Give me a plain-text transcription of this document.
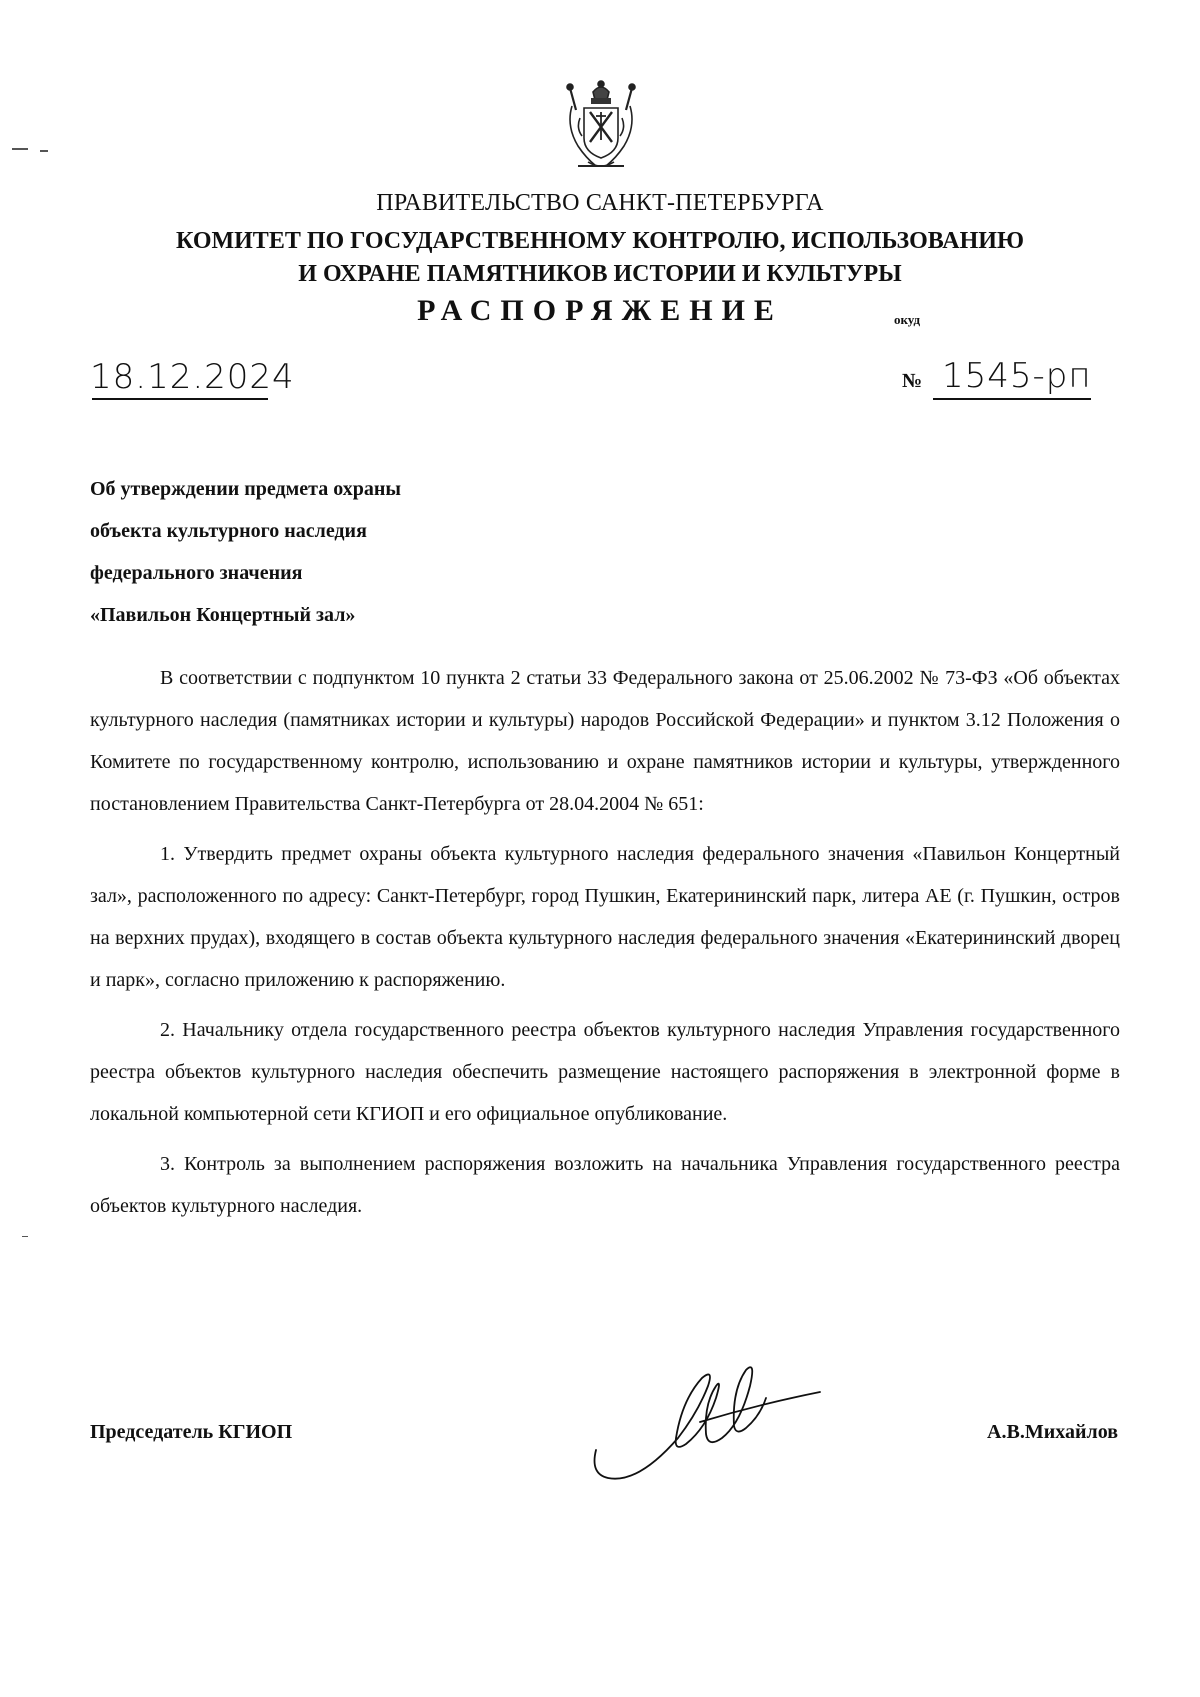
ПРАВИТЕЛЬСТВО САНКТ-ПЕТЕРБУРГА
КОМИТЕТ ПО ГОСУДАРСТВЕННОМУ КОНТРОЛЮ, ИСПОЛЬЗОВАНИЮ
И ОХРАНЕ ПАМЯТНИКОВ ИСТОРИИ И КУЛЬТУРЫ
РАСПОРЯЖЕНИЕ	окуд
18.12.2024	№ 1545-рп
Об утверждении предмета охраны
объекта культурного наследия
федерального значения
«Павильон Концертный зал»

В соответствии с подпунктом 10 пункта 2 статьи 33 Федерального закона от 25.06.2002 № 73-ФЗ «Об объектах культурного наследия (памятниках истории и культуры) народов Российской Федерации» и пунктом 3.12 Положения о Комитете по государственному контролю, использованию и охране памятников истории и культуры, утвержденного постановлением Правительства Санкт-Петербурга от 28.04.2004 № 651:

1. Утвердить предмет охраны объекта культурного наследия федерального значения «Павильон Концертный зал», расположенного по адресу: Санкт-Петербург, город Пушкин, Екатерининский парк, литера АЕ (г. Пушкин, остров на верхних прудах), входящего в состав объекта культурного наследия федерального значения «Екатерининский дворец и парк», согласно приложению к распоряжению.

2. Начальнику отдела государственного реестра объектов культурного наследия Управления государственного реестра объектов культурного наследия обеспечить размещение настоящего распоряжения в электронной форме в локальной компьютерной сети КГИОП и его официальное опубликование.

3. Контроль за выполнением распоряжения возложить на начальника Управления государственного реестра объектов культурного наследия.

Председатель КГИОП	А.В.Михайлов
